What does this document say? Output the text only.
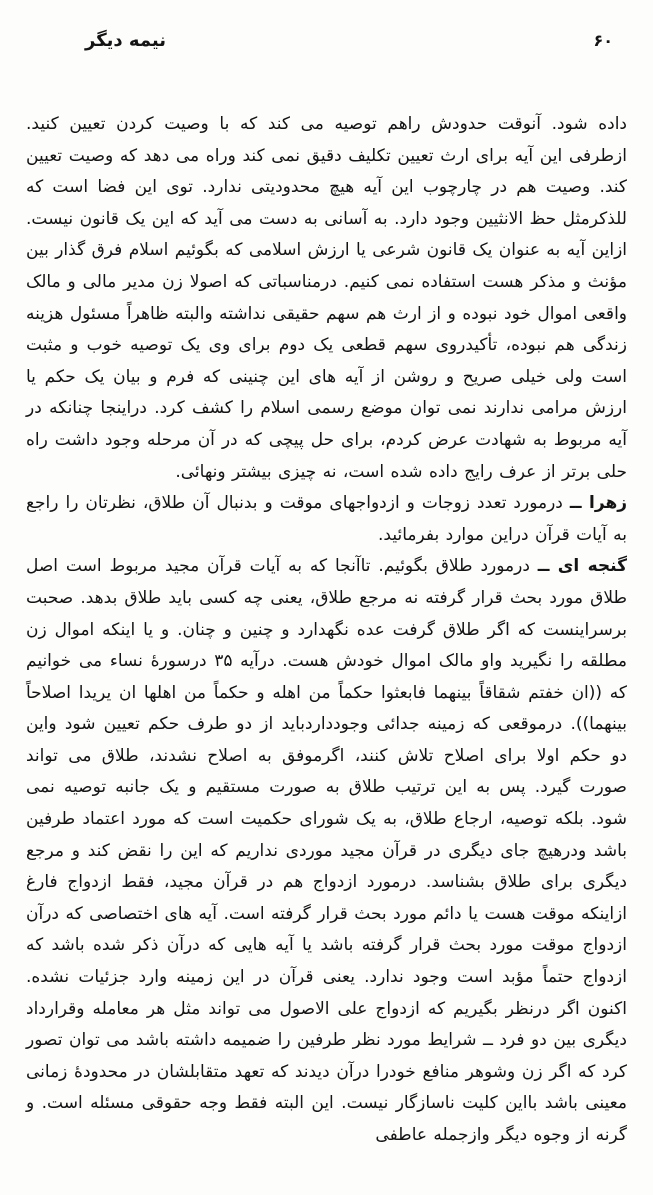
نیمه دیگر	۶۰

داده شود. آنوقت حدودش راهم توصیه می کند که با وصیت کردن تعیین کنید. ازطرفی این آیه برای ارث تعیین تکلیف دقیق نمی کند وراه می دهد که وصیت تعیین کند. وصیت هم در چارچوب این آیه هیچ محدودیتی ندارد. توی این فضا است که للذکرمثل حظ الانثیین وجود دارد. به آسانی به دست می آید که این یک قانون نیست. ازاین آیه به عنوان یک قانون شرعی یا ارزش اسلامی که بگوئیم اسلام فرق گذار بین مؤنث و مذکر هست استفاده نمی کنیم. درمناسباتی که اصولا زن مدیر مالی و مالک واقعی اموال خود نبوده و از ارث هم سهم حقیقی نداشته والبته ظاهراً مسئول هزینه زندگی هم نبوده، تأکیدروی سهم قطعی یک دوم برای وی یک توصیه خوب و مثبت است ولی خیلی صریح و روشن از آیه های این چنینی که فرم و بیان یک حکم یا ارزش مرامی ندارند نمی توان موضع رسمی اسلام را کشف کرد. دراینجا چنانکه در آیه مربوط به شهادت عرض کردم، برای حل پیچی که در آن مرحله وجود داشت راه حلی برتر از عرف رایج داده شده است، نه چیزی بیشتر ونهائی.

زهرا ــ درمورد تعدد زوجات و ازدواجهای موقت و بدنبال آن طلاق، نظرتان را راجع به آیات قرآن دراین موارد بفرمائید.

گنجه ای ــ درمورد طلاق بگوئیم. تاآنجا که به آیات قرآن مجید مربوط است اصل طلاق مورد بحث قرار گرفته نه مرجع طلاق، یعنی چه کسی باید طلاق بدهد. صحبت برسراینست که اگر طلاق گرفت عده نگهدارد و چنین و چنان. و یا اینکه اموال زن مطلقه را نگیرید واو مالک اموال خودش هست. درآیه ۳۵ درسورهٔ نساء می خوانیم که ((ان خفتم شقاقاً بینهما فابعثوا حکماً من اهله و حکماً من اهلها ان یریدا اصلاحاً بینهما)). درموقعی که زمینه جدائی وجودداردباید از دو طرف حکم تعیین شود واین دو حکم اولا برای اصلاح تلاش کنند، اگرموفق به اصلاح نشدند، طلاق می تواند صورت گیرد. پس به این ترتیب طلاق به صورت مستقیم و یک جانبه توصیه نمی شود. بلکه توصیه، ارجاع طلاق، به یک شورای حکمیت است که مورد اعتماد طرفین باشد ودرهیچ جای دیگری در قرآن مجید موردی نداریم که این را نقض کند و مرجع دیگری برای طلاق بشناسد. درمورد ازدواج هم در قرآن مجید، فقط ازدواج فارغ ازاینکه موقت هست یا دائم مورد بحث قرار گرفته است. آیه های اختصاصی که درآن ازدواج موقت مورد بحث قرار گرفته باشد یا آیه هایی که درآن ذکر شده باشد که ازدواج حتماً مؤبد است وجود ندارد. یعنی قرآن در این زمینه وارد جزئیات نشده. اکنون اگر درنظر بگیریم که ازدواج علی الاصول می تواند مثل هر معامله وقرارداد دیگری بین دو فرد ــ شرایط مورد نظر طرفین را ضمیمه داشته باشد می توان تصور کرد که اگر زن وشوهر منافع خودرا درآن دیدند که تعهد متقابلشان در محدودهٔ زمانی معینی باشد بااین کلیت ناسازگار نیست. این البته فقط وجه حقوقی مسئله است. و گرنه از وجوه دیگر وازجمله عاطفی
